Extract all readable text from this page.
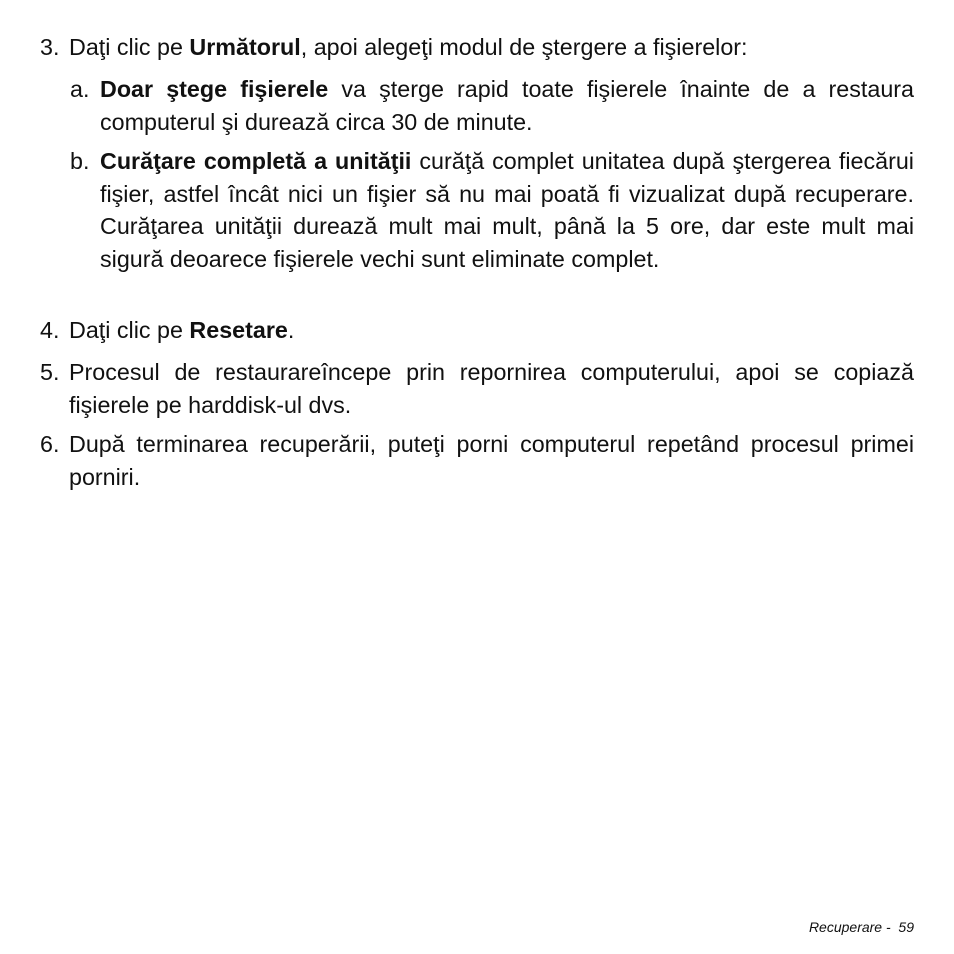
3. Daţi clic pe Următorul, apoi alegeţi modul de ştergere a fişierelor:
a. Doar ştege fişierele va şterge rapid toate fişierele înainte de a restaura computerul şi durează circa 30 de minute.
b. Curăţare completă a unităţii curăţă complet unitatea după ştergerea fiecărui fişier, astfel încât nici un fişier să nu mai poată fi vizualizat după recuperare. Curăţarea unităţii durează mult mai mult, până la 5 ore, dar este mult mai sigură deoarece fişierele vechi sunt eliminate complet.
4. Daţi clic pe Resetare.
5. Procesul de restaurareîncepe prin repornirea computerului, apoi se copiază fişierele pe harddisk-ul dvs.
6. După terminarea recuperării, puteţi porni computerul repetând procesul primei porniri.
Recuperare -  59
